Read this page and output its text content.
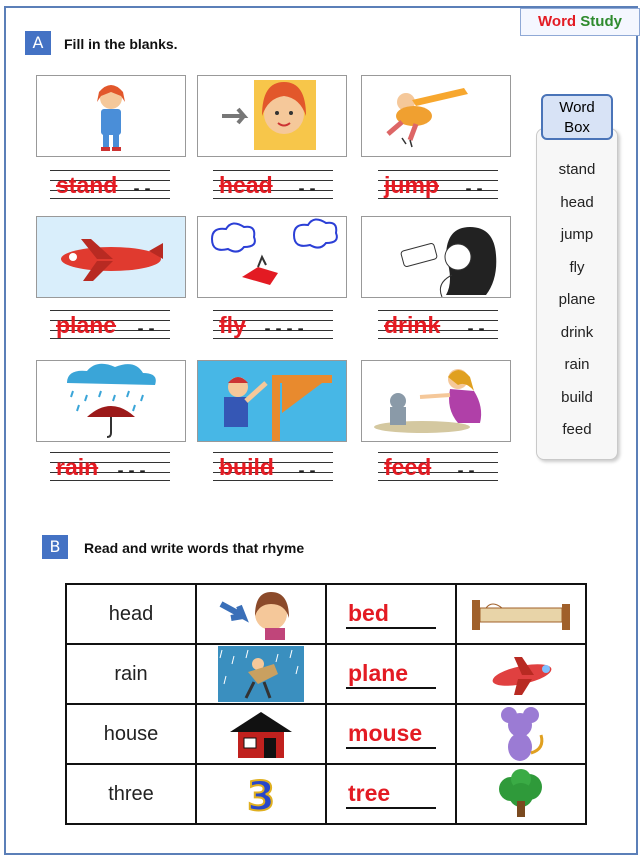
Word Study
A	Fill in the blanks.
stand --	head --	jump --
plane --	fly ----	drink --
rain ---	build --	feed --
stand
head
jump
fly
plane
drink
rain
build
feed
Word
Box
B	Read and write words that rhyme
head		bed	

rain		plane	

house		mouse	

three	3	tree	
